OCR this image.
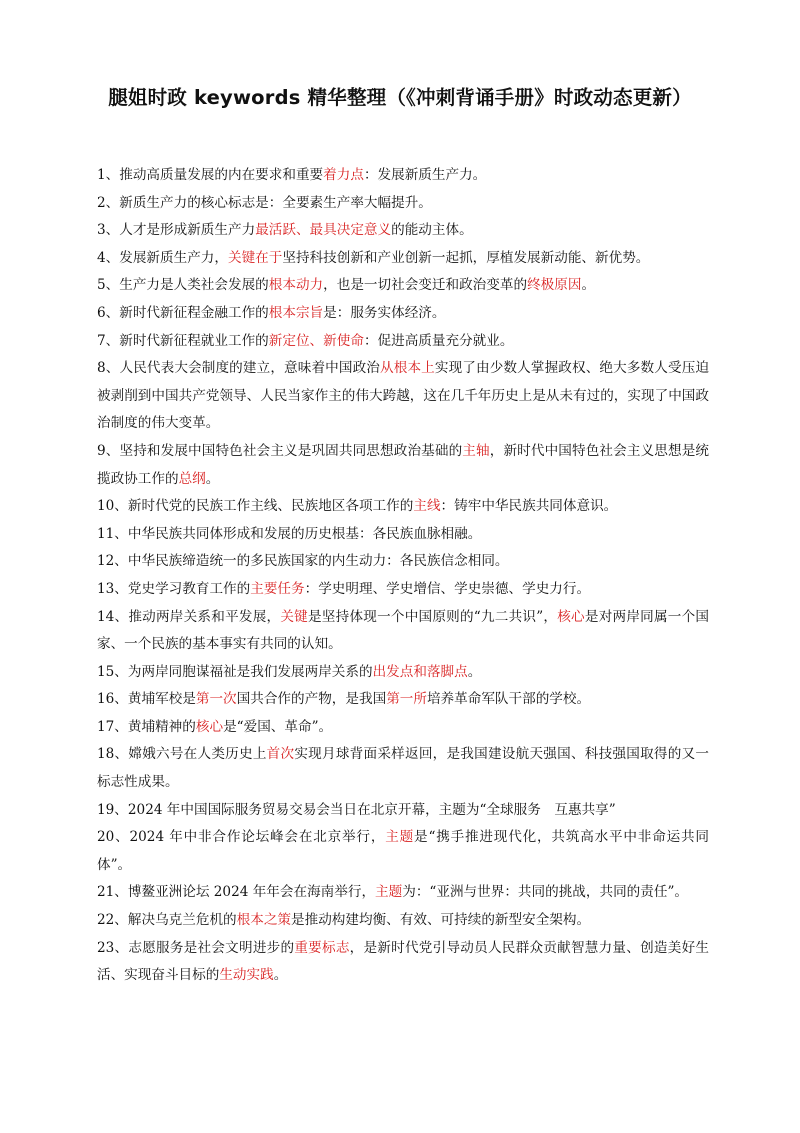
腿姐时政 keywords 精华整理（《冲刺背诵手册》时政动态更新）

1、推动高质量发展的内在要求和重要着力点：发展新质生产力。

2、新质生产力的核心标志是：全要素生产率大幅提升。

3、人才是形成新质生产力最活跃、最具决定意义的能动主体。

4、发展新质生产力，关键在于坚持科技创新和产业创新一起抓，厚植发展新动能、新优势。

5、生产力是人类社会发展的根本动力，也是一切社会变迁和政治变革的终极原因。

6、新时代新征程金融工作的根本宗旨是：服务实体经济。

7、新时代新征程就业工作的新定位、新使命：促进高质量充分就业。

8、人民代表大会制度的建立，意味着中国政治从根本上实现了由少数人掌握政权、绝大多数人受压迫被剥削到中国共产党领导、人民当家作主的伟大跨越，这在几千年历史上是从未有过的，实现了中国政治制度的伟大变革。

9、坚持和发展中国特色社会主义是巩固共同思想政治基础的主轴，新时代中国特色社会主义思想是统揽政协工作的总纲。

10、新时代党的民族工作主线、民族地区各项工作的主线：铸牢中华民族共同体意识。

11、中华民族共同体形成和发展的历史根基：各民族血脉相融。

12、中华民族缔造统一的多民族国家的内生动力：各民族信念相同。

13、党史学习教育工作的主要任务：学史明理、学史增信、学史崇德、学史力行。

14、推动两岸关系和平发展，关键是坚持体现一个中国原则的“九二共识”，核心是对两岸同属一个国家、一个民族的基本事实有共同的认知。

15、为两岸同胞谋福祉是我们发展两岸关系的出发点和落脚点。

16、黄埔军校是第一次国共合作的产物，是我国第一所培养革命军队干部的学校。

17、黄埔精神的核心是“爱国、革命”。

18、嫦娥六号在人类历史上首次实现月球背面采样返回，是我国建设航天强国、科技强国取得的又一标志性成果。

19、2024 年中国国际服务贸易交易会当日在北京开幕，主题为“全球服务　互惠共享”

20、2024 年中非合作论坛峰会在北京举行，主题是“携手推进现代化，共筑高水平中非命运共同体”。

21、博鳌亚洲论坛 2024 年年会在海南举行，主题为：“亚洲与世界：共同的挑战，共同的责任”。

22、解决乌克兰危机的根本之策是推动构建均衡、有效、可持续的新型安全架构。

23、志愿服务是社会文明进步的重要标志，是新时代党引导动员人民群众贡献智慧力量、创造美好生活、实现奋斗目标的生动实践。
